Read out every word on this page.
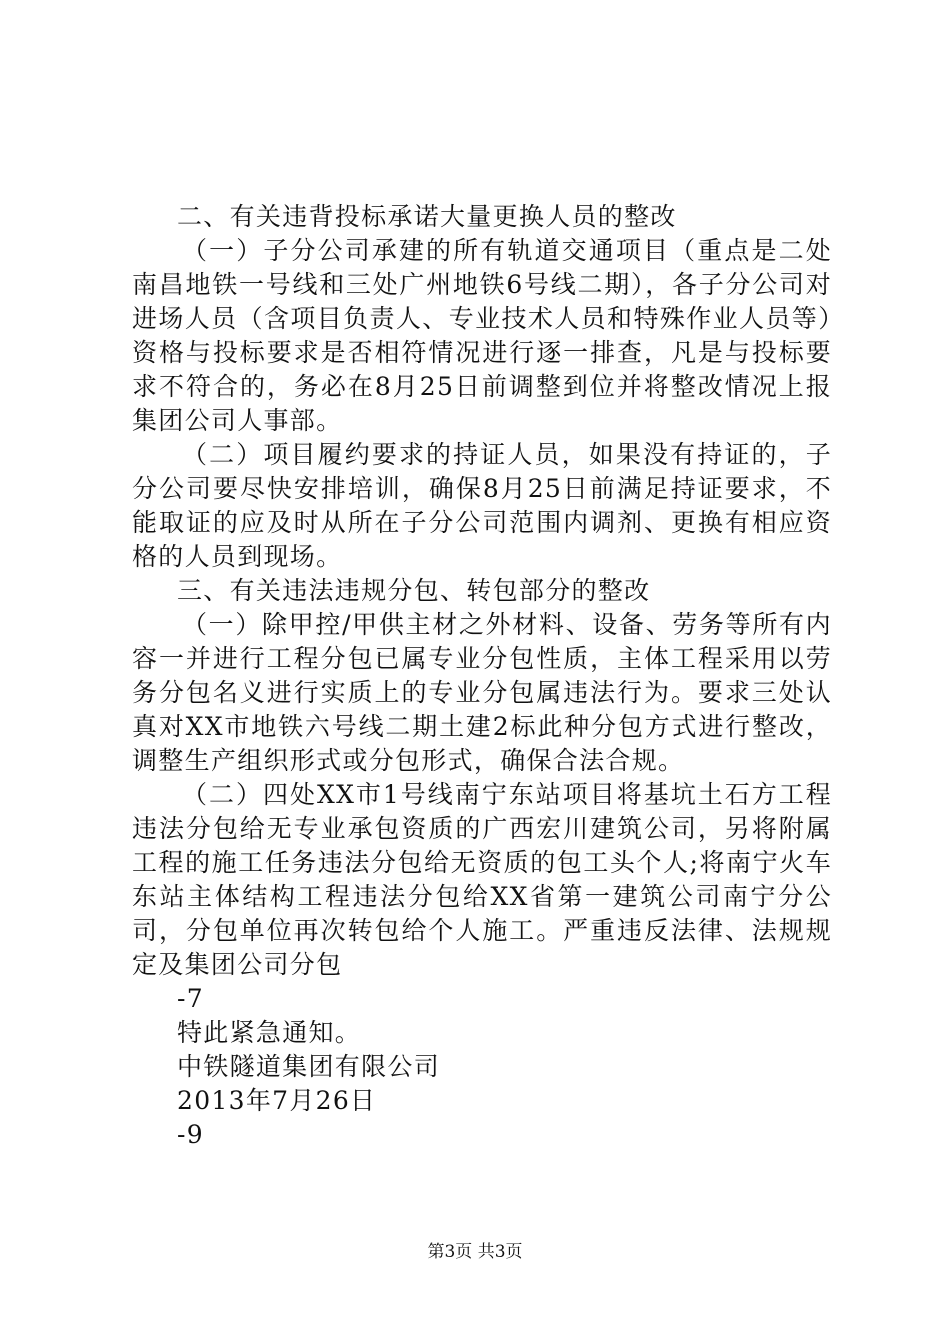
二、有关违背投标承诺大量更换人员的整改

（一）子分公司承建的所有轨道交通项目（重点是二处南昌地铁一号线和三处广州地铁6号线二期），各子分公司对进场人员（含项目负责人、专业技术人员和特殊作业人员等）资格与投标要求是否相符情况进行逐一排查，凡是与投标要求不符合的，务必在8月25日前调整到位并将整改情况上报集团公司人事部。

（二）项目履约要求的持证人员，如果没有持证的，子分公司要尽快安排培训，确保8月25日前满足持证要求，不能取证的应及时从所在子分公司范围内调剂、更换有相应资格的人员到现场。

三、有关违法违规分包、转包部分的整改

（一）除甲控/甲供主材之外材料、设备、劳务等所有内容一并进行工程分包已属专业分包性质，主体工程采用以劳务分包名义进行实质上的专业分包属违法行为。要求三处认真对XX市地铁六号线二期土建2标此种分包方式进行整改，调整生产组织形式或分包形式，确保合法合规。

（二）四处XX市1号线南宁东站项目将基坑土石方工程违法分包给无专业承包资质的广西宏川建筑公司，另将附属工程的施工任务违法分包给无资质的包工头个人;将南宁火车东站主体结构工程违法分包给XX省第一建筑公司南宁分公司，分包单位再次转包给个人施工。严重违反法律、法规规定及集团公司分包

-7

特此紧急通知。

中铁隧道集团有限公司

2013年7月26日

-9

第3页 共3页
